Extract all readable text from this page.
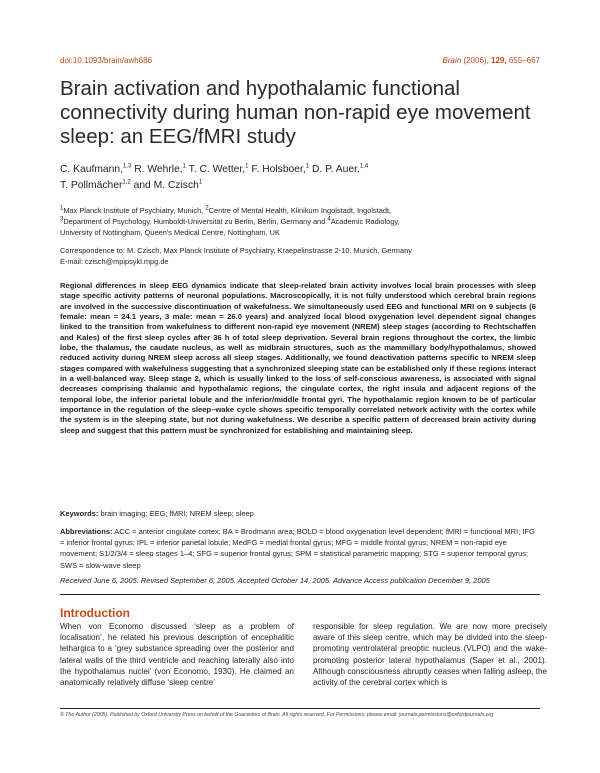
doi:10.1093/brain/awh686	Brain (2006), 129, 655–667
Brain activation and hypothalamic functional connectivity during human non-rapid eye movement sleep: an EEG/fMRI study
C. Kaufmann,$^{1,3}$ R. Wehrle,$^1$ T. C. Wetter,$^1$ F. Holsboer,$^1$ D. P. Auer,$^{1,4}$
T. Pollmächer$^{1,2}$ and M. Czisch$^1$
$^1$Max Planck Institute of Psychiatry, Munich, $^2$Centre of Mental Health, Klinikum Ingolstadt, Ingolstadt,
$^3$Department of Psychology, Humboldt-Universität zu Berlin, Berlin, Germany and $^4$Academic Radiology,
University of Nottingham, Queen's Medical Centre, Nottingham, UK
Correspondence to: M. Czisch, Max Planck Institute of Psychiatry, Kraepelinstrasse 2-10, Munich, Germany
E-mail: czisch@mpipsykl.mpg.de
Regional differences in sleep EEG dynamics indicate that sleep-related brain activity involves local brain processes with sleep stage specific activity patterns of neuronal populations. Macroscopically, it is not fully understood which cerebral brain regions are involved in the successive discontinuation of wakefulness. We simultaneously used EEG and functional MRI on 9 subjects (6 female: mean = 24.1 years, 3 male: mean = 26.0 years) and analyzed local blood oxygenation level dependent signal changes linked to the transition from wakefulness to different non-rapid eye movement (NREM) sleep stages (according to Rechtschaffen and Kales) of the first sleep cycles after 36 h of total sleep deprivation. Several brain regions throughout the cortex, the limbic lobe, the thalamus, the caudate nucleus, as well as midbrain structures, such as the mammillary body/hypothalamus, showed reduced activity during NREM sleep across all sleep stages. Additionally, we found deactivation patterns specific to NREM sleep stages compared with wakefulness suggesting that a synchronized sleeping state can be established only if these regions interact in a well-balanced way. Sleep stage 2, which is usually linked to the loss of self-conscious awareness, is associated with signal decreases comprising thalamic and hypothalamic regions, the cingulate cortex, the right insula and adjacent regions of the temporal lobe, the inferior parietal lobule and the inferior/middle frontal gyri. The hypothalamic region known to be of particular importance in the regulation of the sleep–wake cycle shows specific temporally correlated network activity with the cortex while the system is in the sleeping state, but not during wakefulness. We describe a specific pattern of decreased brain activity during sleep and suggest that this pattern must be synchronized for establishing and maintaining sleep.
Keywords: brain imaging; EEG; fMRI; NREM sleep; sleep
Abbreviations: ACC = anterior cingulate cortex; BA = Brodmann area; BOLD = blood oxygenation level dependent; fMRI = functional MRI; IFG = inferior frontal gyrus; IPL = inferior parietal lobule; MedFG = medial frontal gyrus; MFG = middle frontal gyrus; NREM = non-rapid eye movement; S1/2/3/4 = sleep stages 1–4; SFG = superior frontal gyrus; SPM = statistical parametric mapping; STG = superior temporal gyrus; SWS = slow-wave sleep
Received June 6, 2005. Revised September 6, 2005. Accepted October 14, 2005. Advance Access publication December 9, 2005
Introduction
When von Economo discussed ‘sleep as a problem of localisation’, he related his previous description of encephalitic lethargica to a ‘grey substance spreading over the posterior and lateral walls of the third ventricle and reaching laterally also into the hypothalamus nuclei’ (von Economo, 1930). He claimed an anatomically relatively diffuse ‘sleep centre’
responsible for sleep regulation. We are now more precisely aware of this sleep centre, which may be divided into the sleep-promoting ventrolateral preoptic nucleus (VLPO) and the wake-promoting posterior lateral hypothalamus (Saper et al., 2001). Although consciousness abruptly ceases when falling asleep, the activity of the cerebral cortex which is
© The Author (2005). Published by Oxford University Press on behalf of the Guarantors of Brain. All rights reserved. For Permissions, please email: journals.permissions@oxfordjournals.org
